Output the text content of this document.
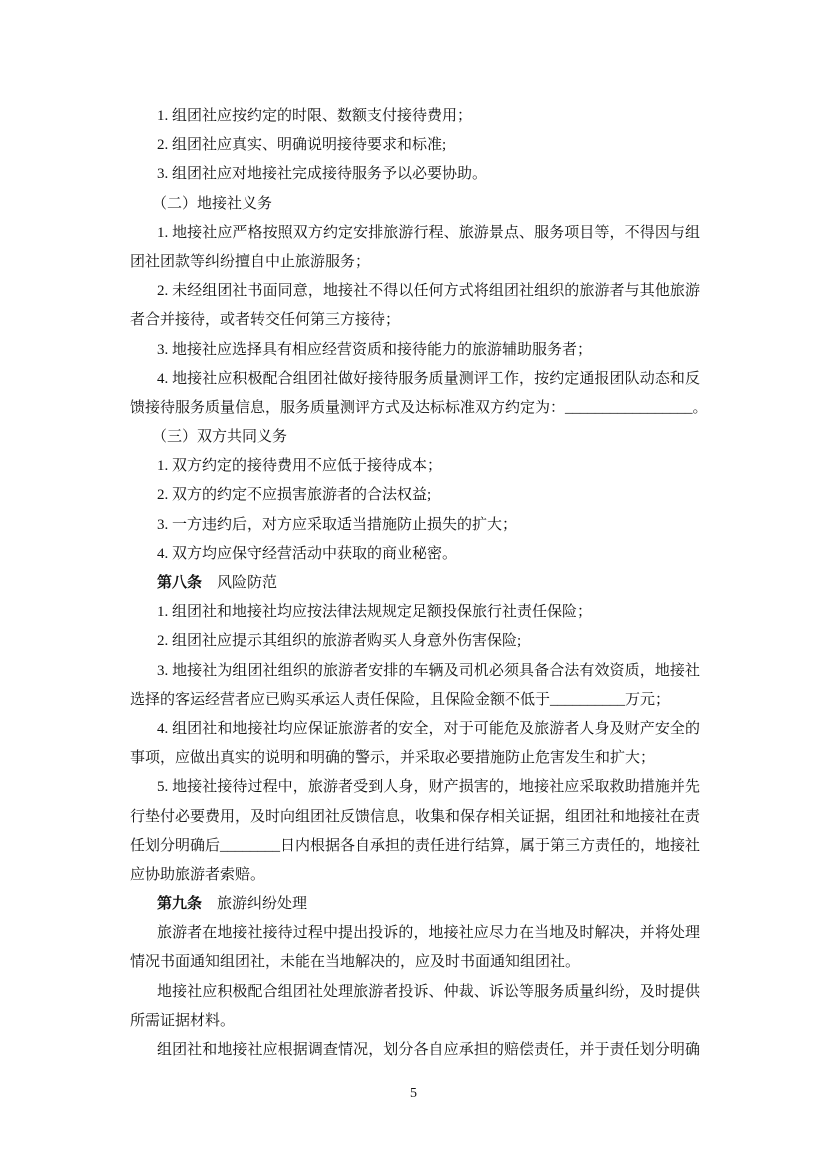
1. 组团社应按约定的时限、数额支付接待费用；
2. 组团社应真实、明确说明接待要求和标准;
3. 组团社应对地接社完成接待服务予以必要协助。
（二）地接社义务
1. 地接社应严格按照双方约定安排旅游行程、旅游景点、服务项目等，不得因与组
团社团款等纠纷擅自中止旅游服务；
2. 未经组团社书面同意，地接社不得以任何方式将组团社组织的旅游者与其他旅游
者合并接待，或者转交任何第三方接待；
3. 地接社应选择具有相应经营资质和接待能力的旅游辅助服务者；
4. 地接社应积极配合组团社做好接待服务质量测评工作，按约定通报团队动态和反
馈接待服务质量信息，服务质量测评方式及达标标准双方约定为：_________________。
（三）双方共同义务
1. 双方约定的接待费用不应低于接待成本；
2. 双方的约定不应损害旅游者的合法权益;
3. 一方违约后，对方应采取适当措施防止损失的扩大；
4. 双方均应保守经营活动中获取的商业秘密。
第八条 风险防范
1. 组团社和地接社均应按法律法规规定足额投保旅行社责任保险；
2. 组团社应提示其组织的旅游者购买人身意外伤害保险;
3. 地接社为组团社组织的旅游者安排的车辆及司机必须具备合法有效资质，地接社
选择的客运经营者应已购买承运人责任保险，且保险金额不低于__________万元；
4. 组团社和地接社均应保证旅游者的安全，对于可能危及旅游者人身及财产安全的
事项，应做出真实的说明和明确的警示，并采取必要措施防止危害发生和扩大；
5. 地接社接待过程中，旅游者受到人身，财产损害的，地接社应采取救助措施并先
行垫付必要费用，及时向组团社反馈信息，收集和保存相关证据，组团社和地接社在责
任划分明确后________日内根据各自承担的责任进行结算，属于第三方责任的，地接社
应协助旅游者索赔。
第九条 旅游纠纷处理
旅游者在地接社接待过程中提出投诉的，地接社应尽力在当地及时解决，并将处理
情况书面通知组团社，未能在当地解决的，应及时书面通知组团社。
地接社应积极配合组团社处理旅游者投诉、仲裁、诉讼等服务质量纠纷，及时提供
所需证据材料。
组团社和地接社应根据调查情况，划分各自应承担的赔偿责任，并于责任划分明确
5
